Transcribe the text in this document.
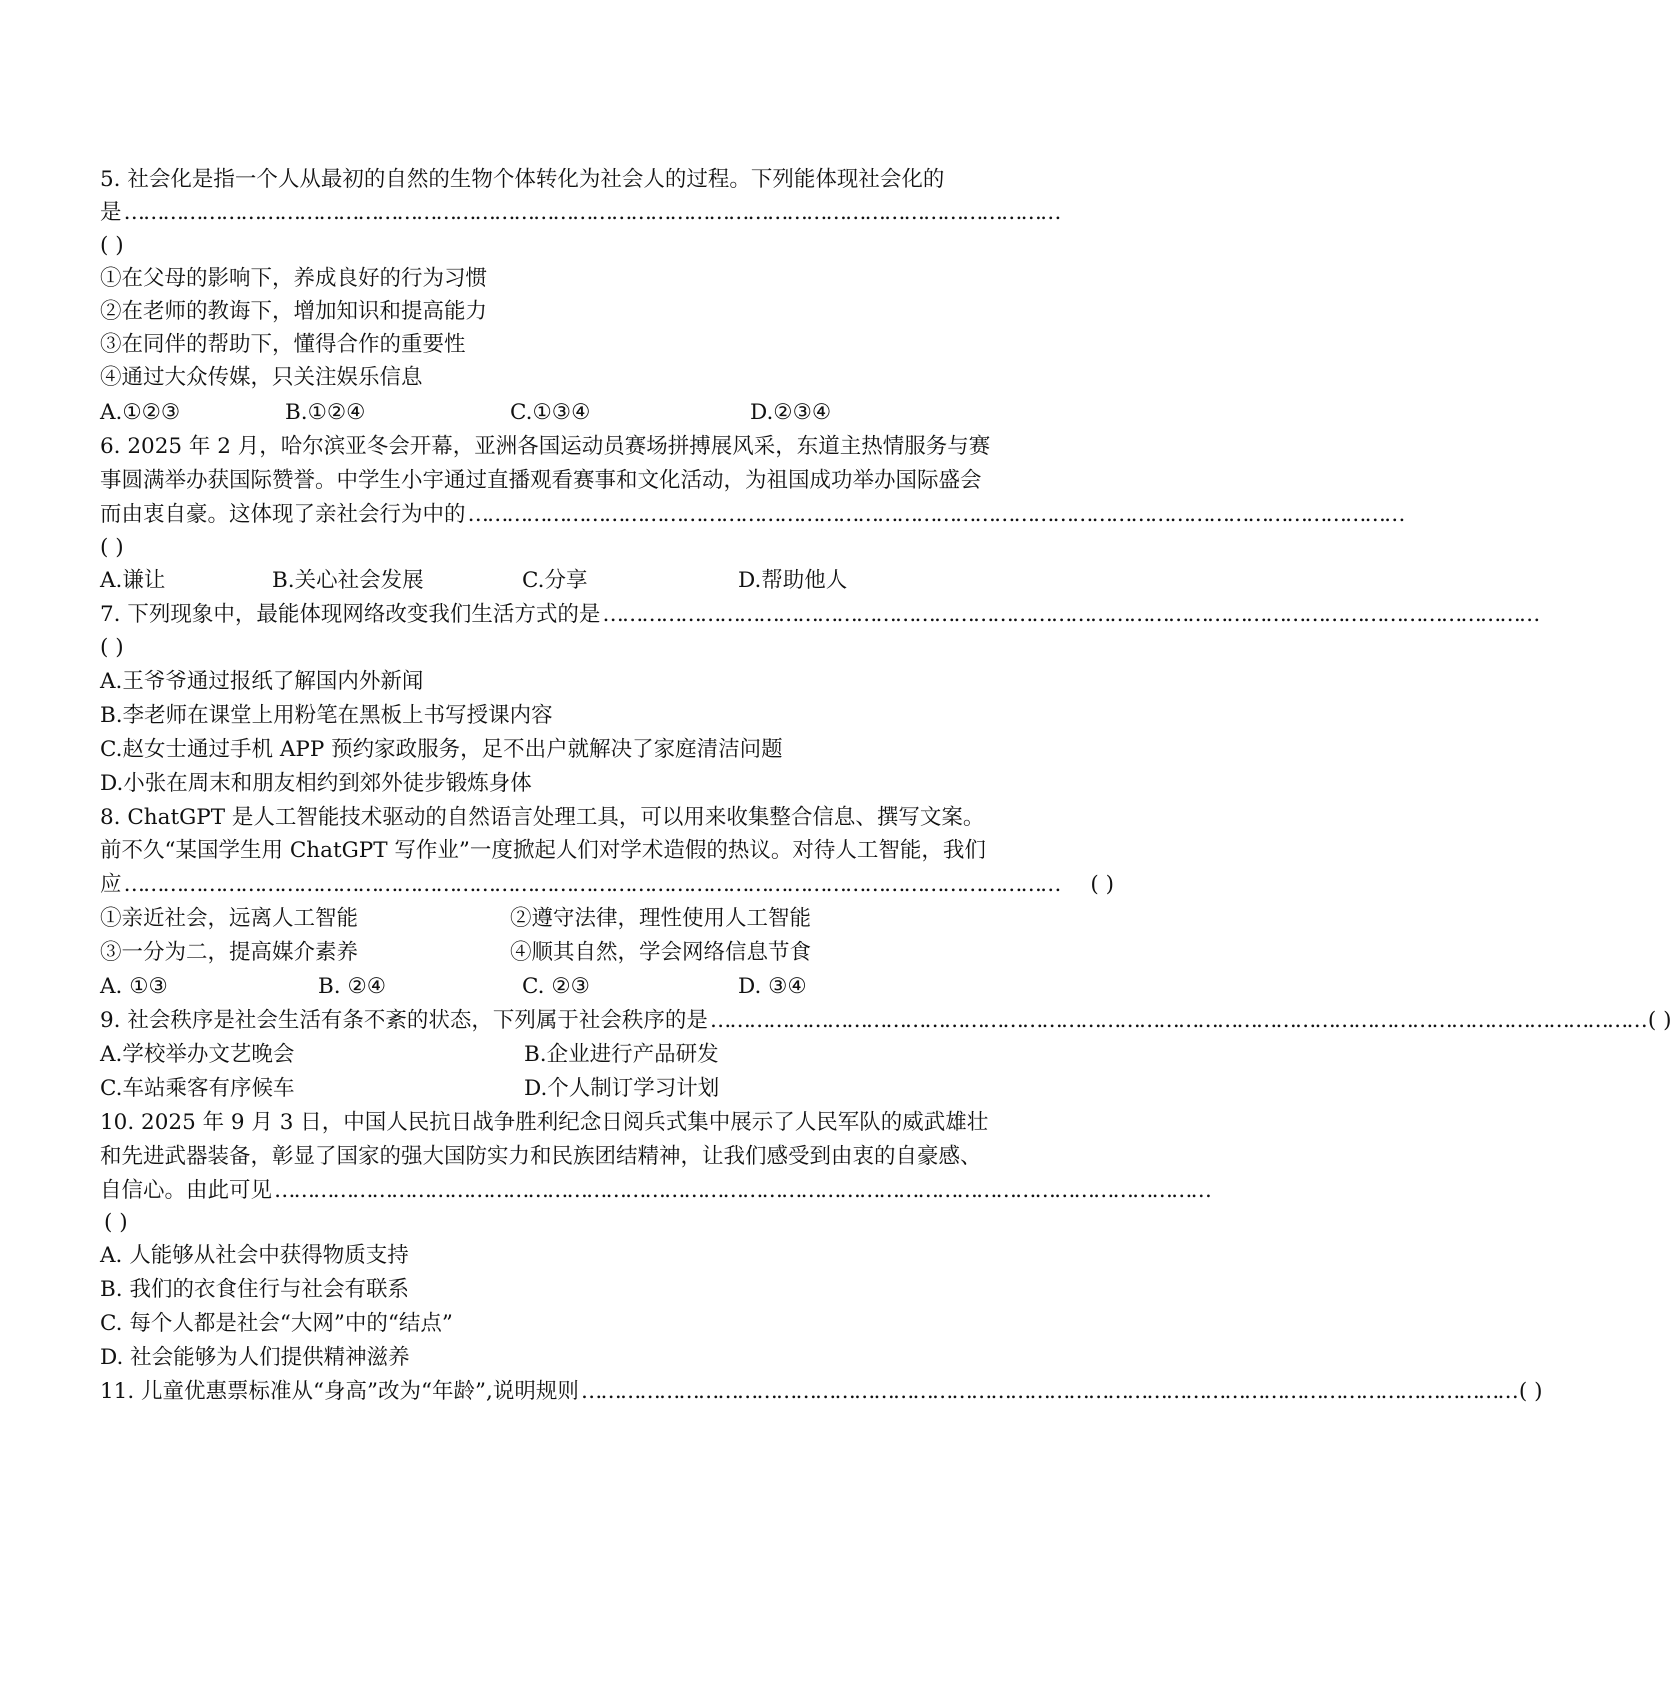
5. 社会化是指一个人从最初的自然的生物个体转化为社会人的过程。下列能体现社会化的
是 ………………………………………………………………………………………………………………………………
( )
①在父母的影响下，养成良好的行为习惯
②在老师的教诲下，增加知识和提高能力
③在同伴的帮助下，懂得合作的重要性
④通过大众传媒，只关注娱乐信息
A.①②③	B.①②④	C.①③④	D.②③④
6. 2025 年 2 月，哈尔滨亚冬会开幕，亚洲各国运动员赛场拼搏展风采，东道主热情服务与赛
事圆满举办获国际赞誉。中学生小宇通过直播观看赛事和文化活动，为祖国成功举办国际盛会
而由衷自豪。这体现了亲社会行为中的 ………………………………………………………………………………………………………………………………
( )
A.谦让	B.关心社会发展	C.分享	D.帮助他人
7. 下列现象中，最能体现网络改变我们生活方式的是 ………………………………………………………………………………………………………………………………
( )
A.王爷爷通过报纸了解国内外新闻
B.李老师在课堂上用粉笔在黑板上书写授课内容
C.赵女士通过手机 APP 预约家政服务，足不出户就解决了家庭清洁问题
D.小张在周末和朋友相约到郊外徒步锻炼身体
8. ChatGPT 是人工智能技术驱动的自然语言处理工具，可以用来收集整合信息、撰写文案。
前不久“某国学生用 ChatGPT 写作业”一度掀起人们对学术造假的热议。对待人工智能，我们
应 ………………………………………………………………………………………………………………………………	( )
①亲近社会，远离人工智能	②遵守法律，理性使用人工智能
③一分为二，提高媒介素养	④顺其自然，学会网络信息节食
A. ①③	B. ②④	C. ②③	D. ③④
9. 社会秩序是社会生活有条不紊的状态，下列属于社会秩序的是 ……………………………………………………………………………………………………………………………… ( )
A.学校举办文艺晚会	B.企业进行产品研发
C.车站乘客有序候车	D.个人制订学习计划
10. 2025 年 9 月 3 日，中国人民抗日战争胜利纪念日阅兵式集中展示了人民军队的威武雄壮
和先进武器装备，彰显了国家的强大国防实力和民族团结精神，让我们感受到由衷的自豪感、
自信心。由此可见 ………………………………………………………………………………………………………………………………
( )
A. 人能够从社会中获得物质支持
B. 我们的衣食住行与社会有联系
C. 每个人都是社会“大网”中的“结点”
D. 社会能够为人们提供精神滋养
11. 儿童优惠票标准从“身高”改为“年龄”,说明规则 ……………………………………………………………………………………………………………………………… ( )
